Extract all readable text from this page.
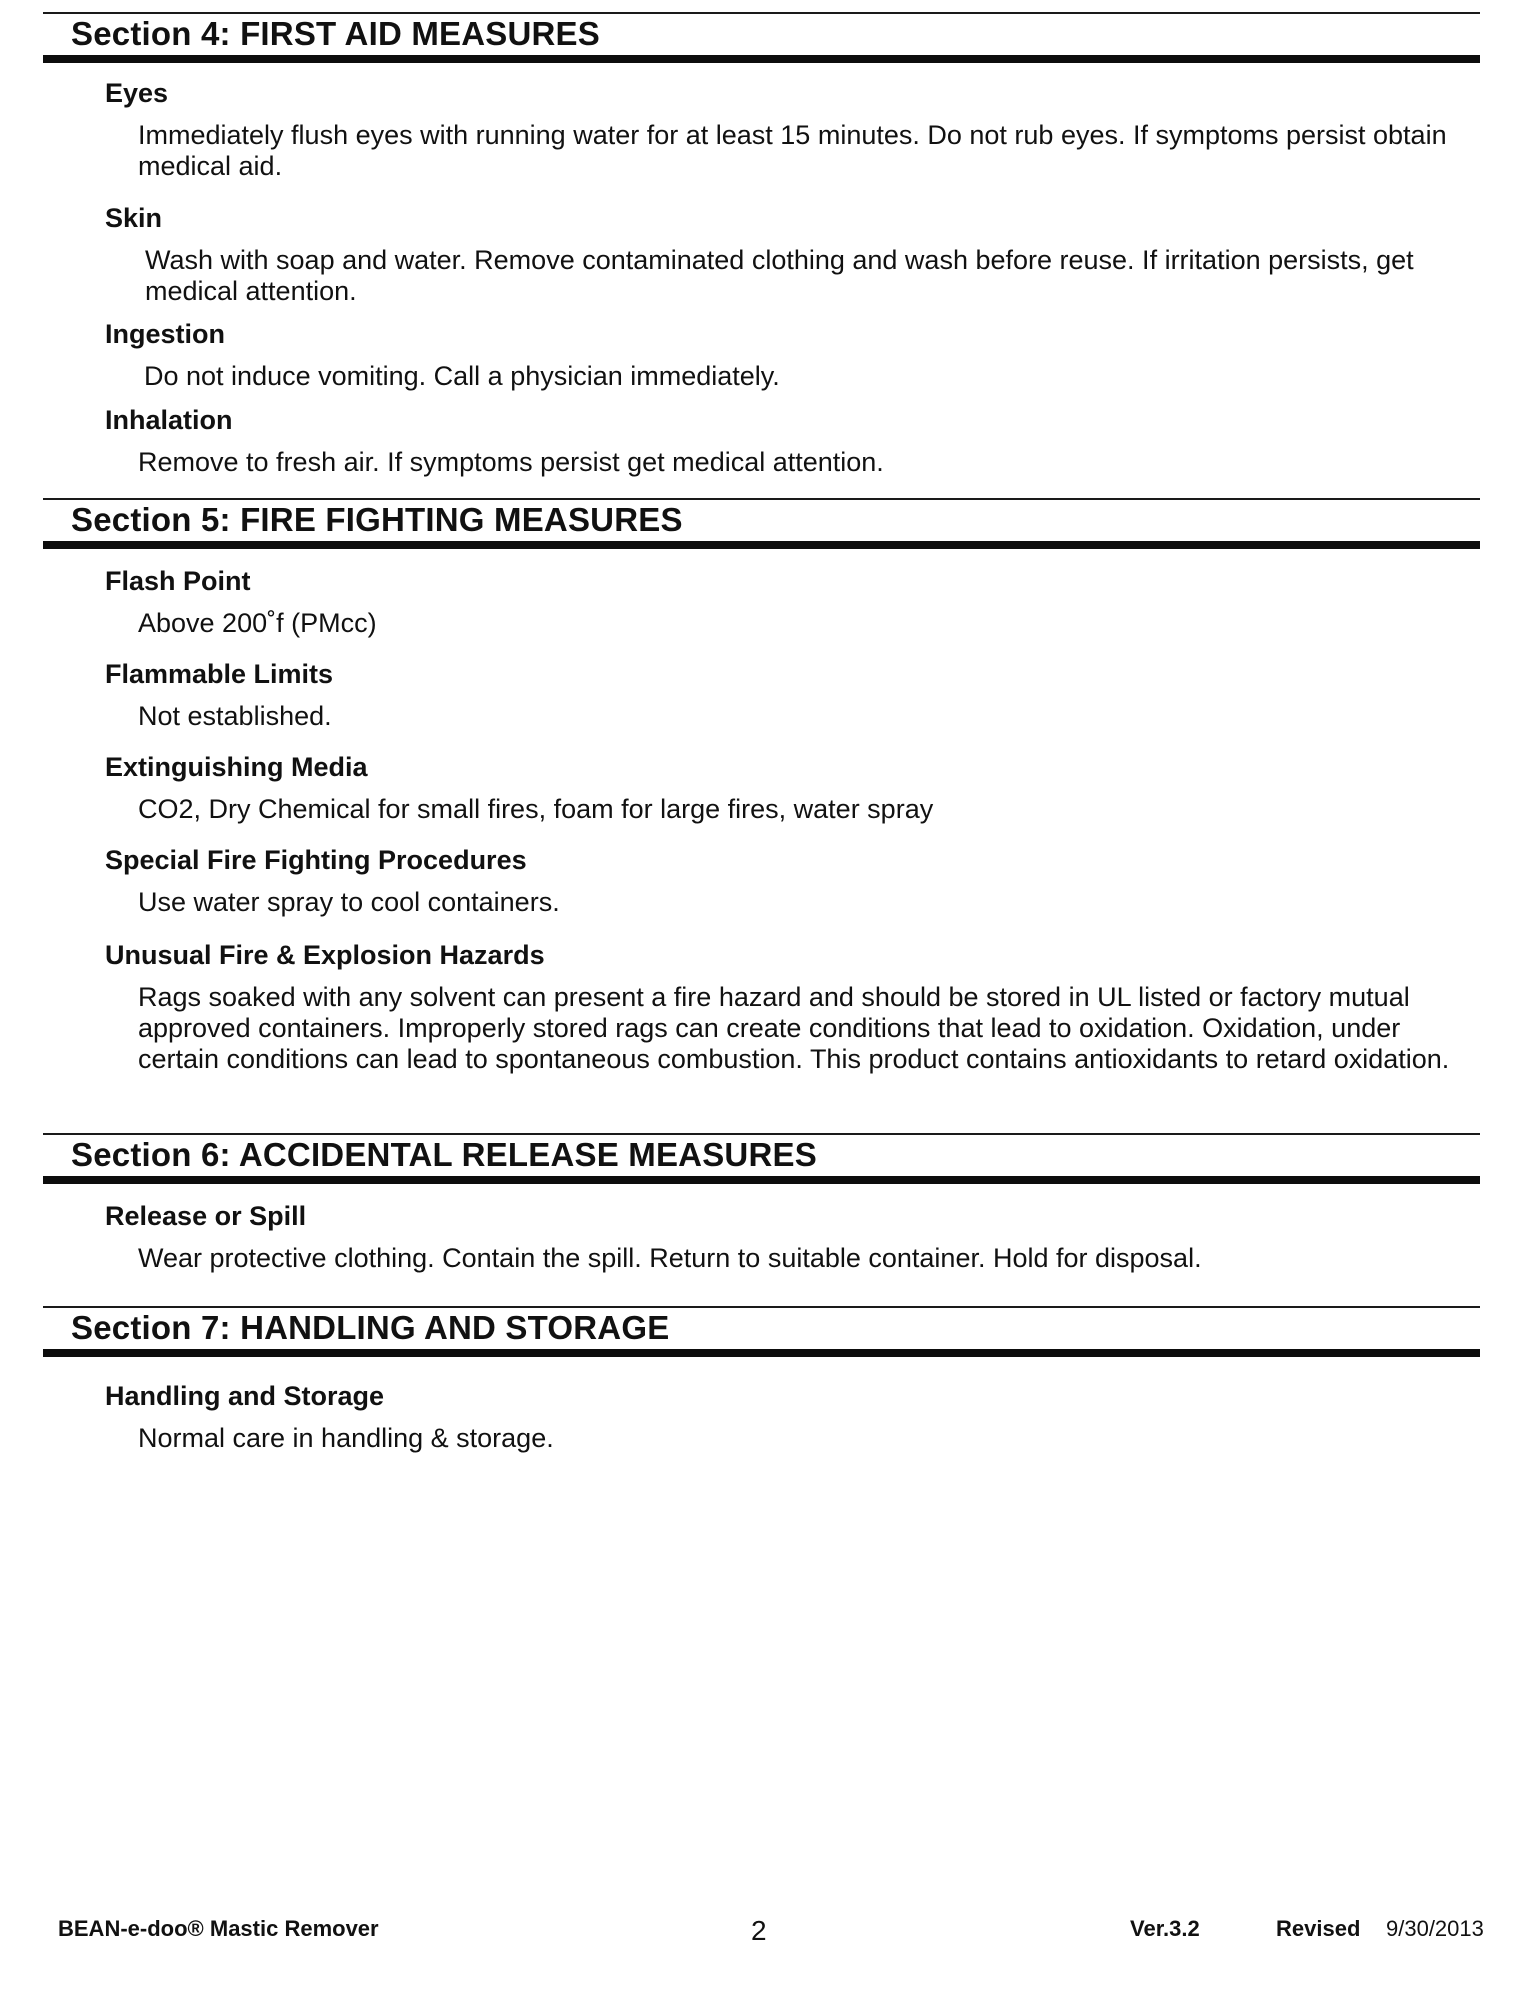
Section 4: FIRST AID MEASURES
Eyes
Immediately flush eyes with running water for at least 15 minutes. Do not rub eyes. If symptoms persist obtain medical aid.
Skin
Wash with soap and water. Remove contaminated clothing and wash before reuse. If irritation persists, get medical attention.
Ingestion
Do not induce vomiting. Call a physician immediately.
Inhalation
Remove to fresh air. If symptoms persist get medical attention.
Section 5: FIRE FIGHTING MEASURES
Flash Point
Above 200˚f (PMcc)
Flammable Limits
Not established.
Extinguishing Media
CO2, Dry Chemical for small fires, foam for large fires, water spray
Special Fire Fighting Procedures
Use water spray to cool containers.
Unusual Fire & Explosion Hazards
Rags soaked with any solvent can present a fire hazard and should be stored in UL listed or factory mutual approved containers. Improperly stored rags can create conditions that lead to oxidation. Oxidation, under certain conditions can lead to spontaneous combustion. This product contains antioxidants to retard oxidation.
Section 6: ACCIDENTAL RELEASE MEASURES
Release or Spill
Wear protective clothing. Contain the spill. Return to suitable container. Hold for disposal.
Section 7: HANDLING AND STORAGE
Handling and Storage
Normal care in handling & storage.
BEAN-e-doo® Mastic Remover	2	Ver.3.2	Revised 9/30/2013
